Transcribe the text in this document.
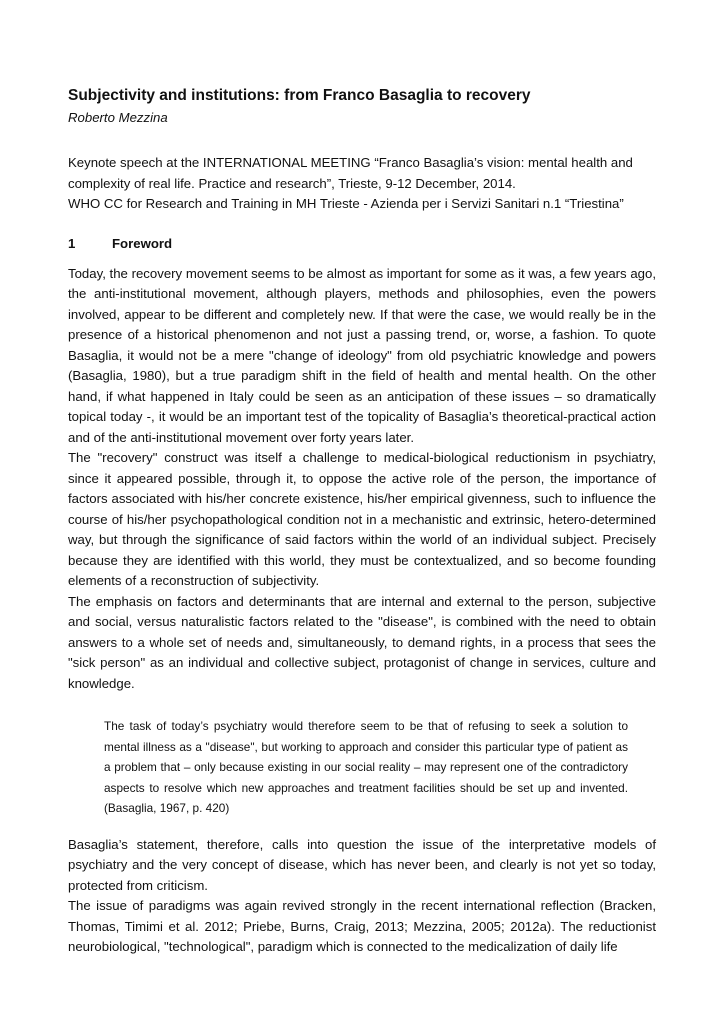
Subjectivity and institutions: from Franco Basaglia to recovery

Roberto Mezzina

Keynote speech at the INTERNATIONAL MEETING “Franco Basaglia’s vision: mental health and complexity of real life. Practice and research”, Trieste, 9-12 December, 2014.

WHO CC for Research and Training in MH Trieste - Azienda per i Servizi Sanitari n.1 “Triestina”

1	Foreword

Today, the recovery movement seems to be almost as important for some as it was, a few years ago, the anti-institutional movement, although players, methods and philosophies, even the powers involved, appear to be different and completely new. If that were the case, we would really be in the presence of a historical phenomenon and not just a passing trend, or, worse, a fashion. To quote Basaglia, it would not be a mere "change of ideology" from old psychiatric knowledge and powers (Basaglia, 1980), but a true paradigm shift in the field of health and mental health. On the other hand, if what happened in Italy could be seen as an anticipation of these issues – so dramatically topical today -, it would be an important test of the topicality of Basaglia’s theoretical-practical action and of the anti-institutional movement over forty years later.

The "recovery" construct was itself a challenge to medical-biological reductionism in psychiatry, since it appeared possible, through it, to oppose the active role of the person, the importance of factors associated with his/her concrete existence, his/her empirical givenness, such to influence the course of his/her psychopathological condition not in a mechanistic and extrinsic, hetero-determined way, but through the significance of said factors within the world of an individual subject. Precisely because they are identified with this world, they must be contextualized, and so become founding elements of a reconstruction of subjectivity.

The emphasis on factors and determinants that are internal and external to the person, subjective and social, versus naturalistic factors related to the "disease", is combined with the need to obtain answers to a whole set of needs and, simultaneously, to demand rights, in a process that sees the "sick person" as an individual and collective subject, protagonist of change in services, culture and knowledge.

The task of today’s psychiatry would therefore seem to be that of refusing to seek a solution to mental illness as a "disease", but working to approach and consider this particular type of patient as a problem that – only because existing in our social reality – may represent one of the contradictory aspects to resolve which new approaches and treatment facilities should be set up and invented. (Basaglia, 1967, p. 420)

Basaglia’s statement, therefore, calls into question the issue of the interpretative models of psychiatry and the very concept of disease, which has never been, and clearly is not yet so today, protected from criticism.

The issue of paradigms was again revived strongly in the recent international reflection (Bracken, Thomas, Timimi et al. 2012; Priebe, Burns, Craig, 2013; Mezzina, 2005; 2012a). The reductionist neurobiological, "technological", paradigm which is connected to the medicalization of daily life
